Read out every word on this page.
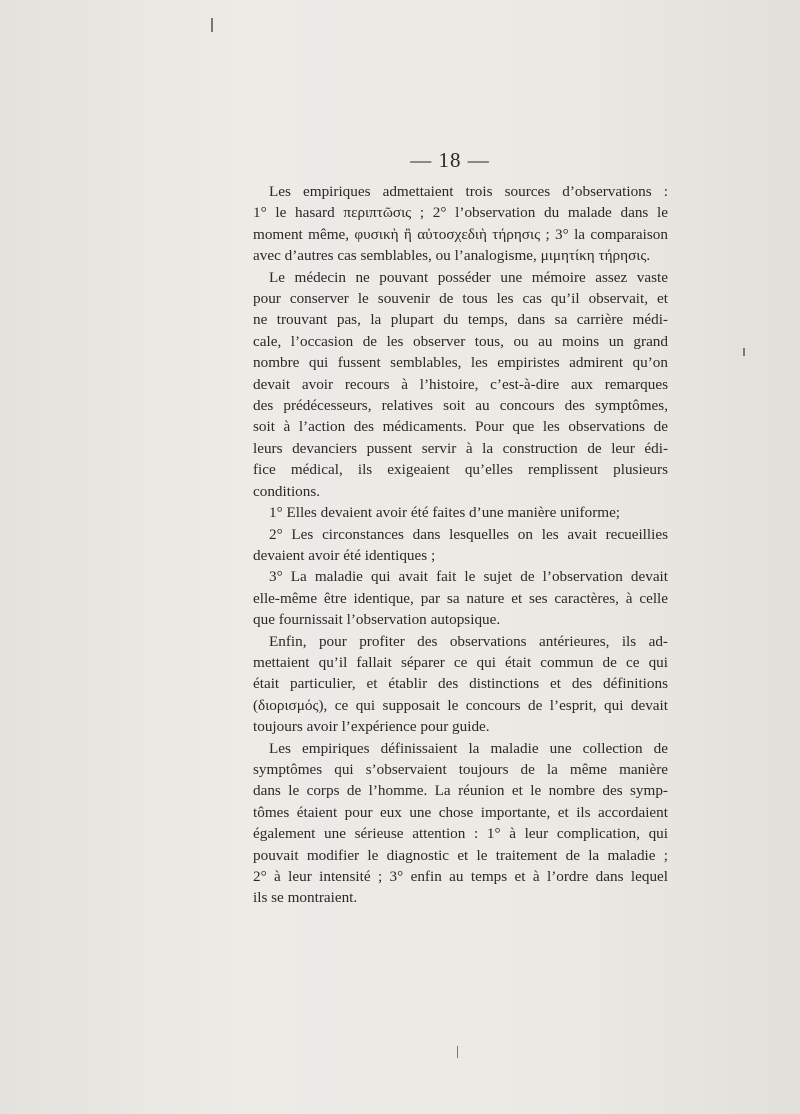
— 18 —

Les empiriques admettaient trois sources d’observations :
1° le hasard περιπτῶσις ; 2° l’observation du malade dans le
moment même, φυσικὴ ἢ αὐτοσχεδιὴ τήρησις ; 3° la comparaison
avec d’autres cas semblables, ou l’analogisme, μιμητίκη τήρησις.

Le médecin ne pouvant posséder une mémoire assez vaste
pour conserver le souvenir de tous les cas qu’il observait, et
ne trouvant pas, la plupart du temps, dans sa carrière médi-
cale, l’occasion de les observer tous, ou au moins un grand
nombre qui fussent semblables, les empiristes admirent qu’on
devait avoir recours à l’histoire, c’est-à-dire aux remarques
des prédécesseurs, relatives soit au concours des symptômes,
soit à l’action des médicaments. Pour que les observations de
leurs devanciers pussent servir à la construction de leur édi-
fice médical, ils exigeaient qu’elles remplissent plusieurs
conditions.

1° Elles devaient avoir été faites d’une manière uniforme;

2° Les circonstances dans lesquelles on les avait recueillies
devaient avoir été identiques ;

3° La maladie qui avait fait le sujet de l’observation devait
elle-même être identique, par sa nature et ses caractères, à celle
que fournissait l’observation autopsique.

Enfin, pour profiter des observations antérieures, ils ad-
mettaient qu’il fallait séparer ce qui était commun de ce qui
était particulier, et établir des distinctions et des définitions
(διορισμός), ce qui supposait le concours de l’esprit, qui devait
toujours avoir l’expérience pour guide.

Les empiriques définissaient la maladie une collection de
symptômes qui s’observaient toujours de la même manière
dans le corps de l’homme. La réunion et le nombre des symp-
tômes étaient pour eux une chose importante, et ils accordaient
également une sérieuse attention : 1° à leur complication, qui
pouvait modifier le diagnostic et le traitement de la maladie ;
2° à leur intensité ; 3° enfin au temps et à l’ordre dans lequel
ils se montraient.
